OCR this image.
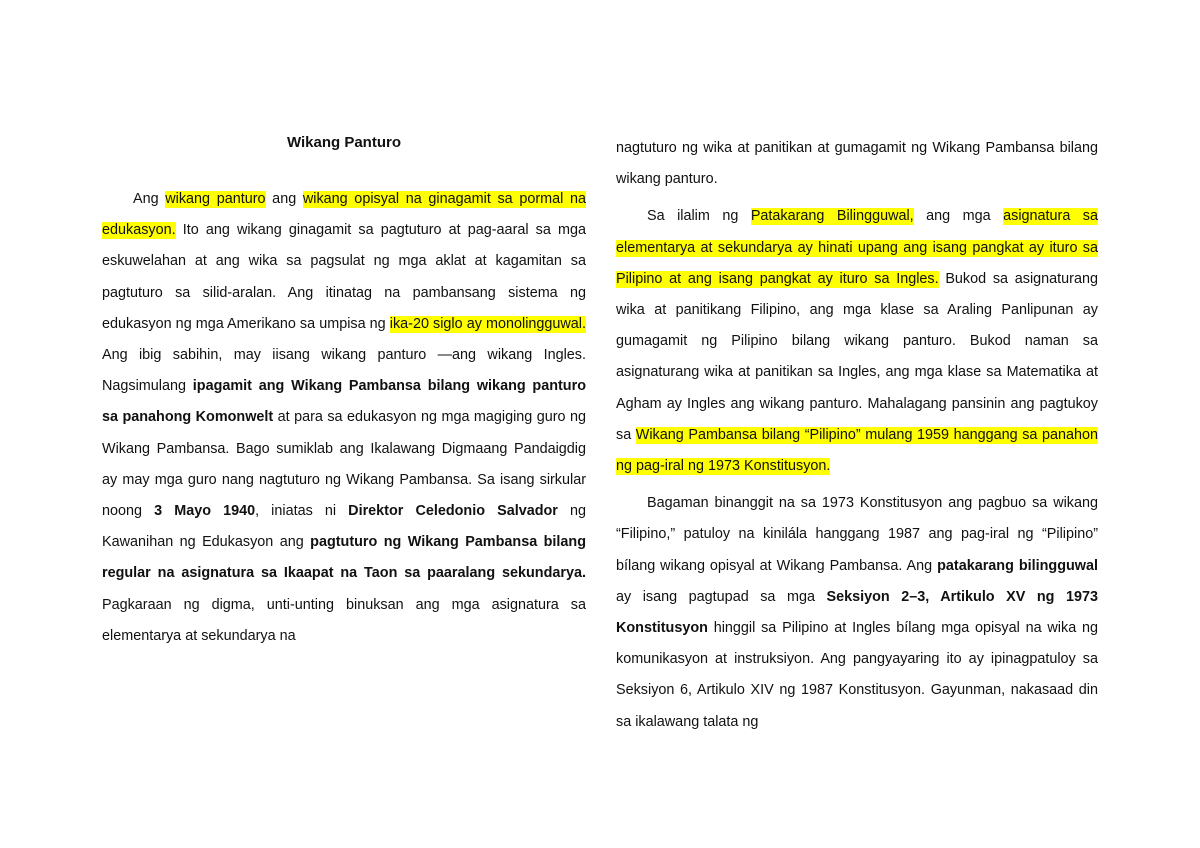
Wikang Panturo

Ang wikang panturo ang wikang opisyal na ginagamit sa pormal na edukasyon. Ito ang wikang ginagamit sa pagtuturo at pag-aaral sa mga eskuwelahan at ang wika sa pagsulat ng mga aklat at kagamitan sa pagtuturo sa silid-aralan. Ang itinatag na pambansang sistema ng edukasyon ng mga Amerikano sa umpisa ng ika-20 siglo ay monolingguwal. Ang ibig sabihin, may iisang wikang panturo —ang wikang Ingles. Nagsimulang ipagamit ang Wikang Pambansa bilang wikang panturo sa panahong Komonwelt at para sa edukasyon ng mga magiging guro ng Wikang Pambansa. Bago sumiklab ang Ikalawang Digmaang Pandaigdig ay may mga guro nang nagtuturo ng Wikang Pambansa. Sa isang sirkular noong 3 Mayo 1940, iniatas ni Direktor Celedonio Salvador ng Kawanihan ng Edukasyon ang pagtuturo ng Wikang Pambansa bilang regular na asignatura sa Ikaapat na Taon sa paaralang sekundarya. Pagkaraan ng digma, unti-unting binuksan ang mga asignatura sa elementarya at sekundarya na

nagtuturo ng wika at panitikan at gumagamit ng Wikang Pambansa bilang wikang panturo.

Sa ilalim ng Patakarang Bilingguwal, ang mga asignatura sa elementarya at sekundarya ay hinati upang ang isang pangkat ay ituro sa Pilipino at ang isang pangkat ay ituro sa Ingles. Bukod sa asignaturang wika at panitikang Filipino, ang mga klase sa Araling Panlipunan ay gumagamit ng Pilipino bilang wikang panturo. Bukod naman sa asignaturang wika at panitikan sa Ingles, ang mga klase sa Matematika at Agham ay Ingles ang wikang panturo. Mahalagang pansinin ang pagtukoy sa Wikang Pambansa bilang “Pilipino” mulang 1959 hanggang sa panahon ng pag-iral ng 1973 Konstitusyon.

Bagaman binanggit na sa 1973 Konstitusyon ang pagbuo sa wikang “Filipino,” patuloy na kinilála hanggang 1987 ang pag-iral ng “Pilipino” bílang wikang opisyal at Wikang Pambansa. Ang patakarang bilingguwal ay isang pagtupad sa mga Seksiyon 2–3, Artikulo XV ng 1973 Konstitusyon hinggil sa Pilipino at Ingles bílang mga opisyal na wika ng komunikasyon at instruksiyon. Ang pangyayaring ito ay ipinagpatuloy sa Seksiyon 6, Artikulo XIV ng 1987 Konstitusyon. Gayunman, nakasaad din sa ikalawang talata ng
